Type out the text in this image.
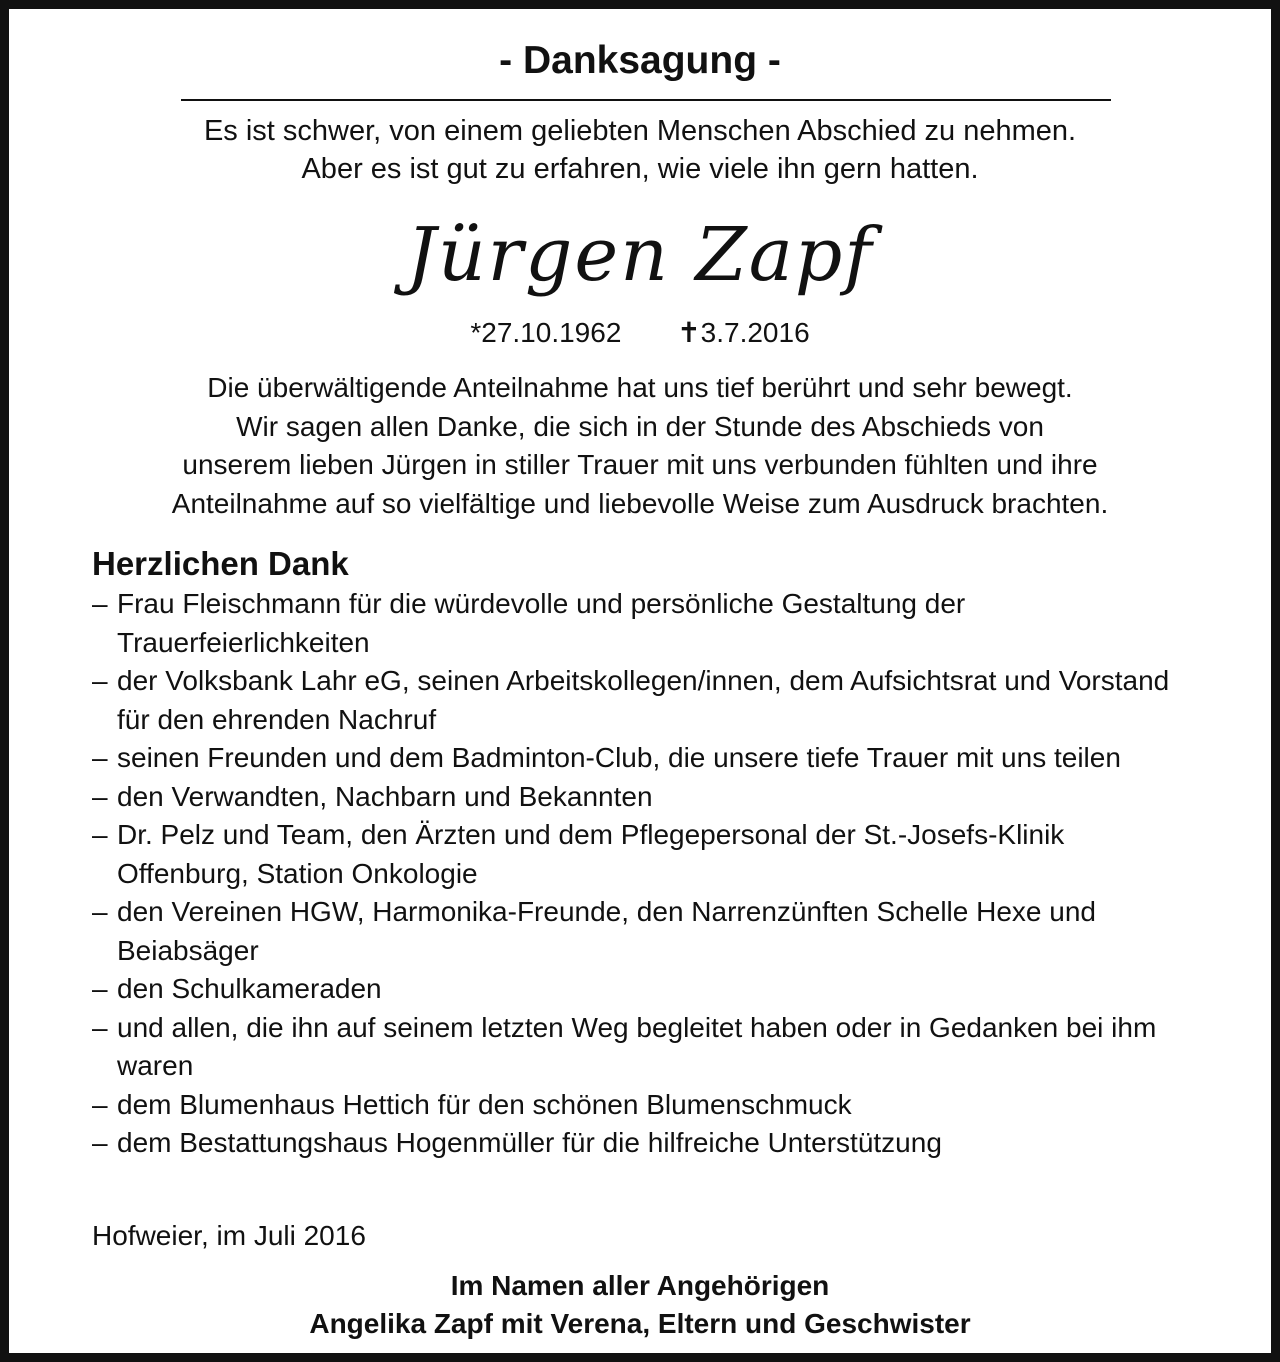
- Danksagung -
Es ist schwer, von einem geliebten Menschen Abschied zu nehmen.
Aber es ist gut zu erfahren, wie viele ihn gern hatten.
Jürgen Zapf
*27.10.1962 ✝3.7.2016
Die überwältigende Anteilnahme hat uns tief berührt und sehr bewegt.
Wir sagen allen Danke, die sich in der Stunde des Abschieds von
unserem lieben Jürgen in stiller Trauer mit uns verbunden fühlten und ihre
Anteilnahme auf so vielfältige und liebevolle Weise zum Ausdruck brachten.
Herzlichen Dank
– Frau Fleischmann für die würdevolle und persönliche Gestaltung der Trauerfeierlichkeiten
– der Volksbank Lahr eG, seinen Arbeitskollegen/innen, dem Aufsichtsrat und Vorstand für den ehrenden Nachruf
– seinen Freunden und dem Badminton-Club, die unsere tiefe Trauer mit uns teilen
– den Verwandten, Nachbarn und Bekannten
– Dr. Pelz und Team, den Ärzten und dem Pflegepersonal der St.-Josefs-Klinik Offenburg, Station Onkologie
– den Vereinen HGW, Harmonika-Freunde, den Narrenzünften Schelle Hexe und Beiabsäger
– den Schulkameraden
– und allen, die ihn auf seinem letzten Weg begleitet haben oder in Gedanken bei ihm waren
– dem Blumenhaus Hettich für den schönen Blumenschmuck
– dem Bestattungshaus Hogenmüller für die hilfreiche Unterstützung
Hofweier, im Juli 2016
Im Namen aller Angehörigen
Angelika Zapf mit Verena, Eltern und Geschwister
